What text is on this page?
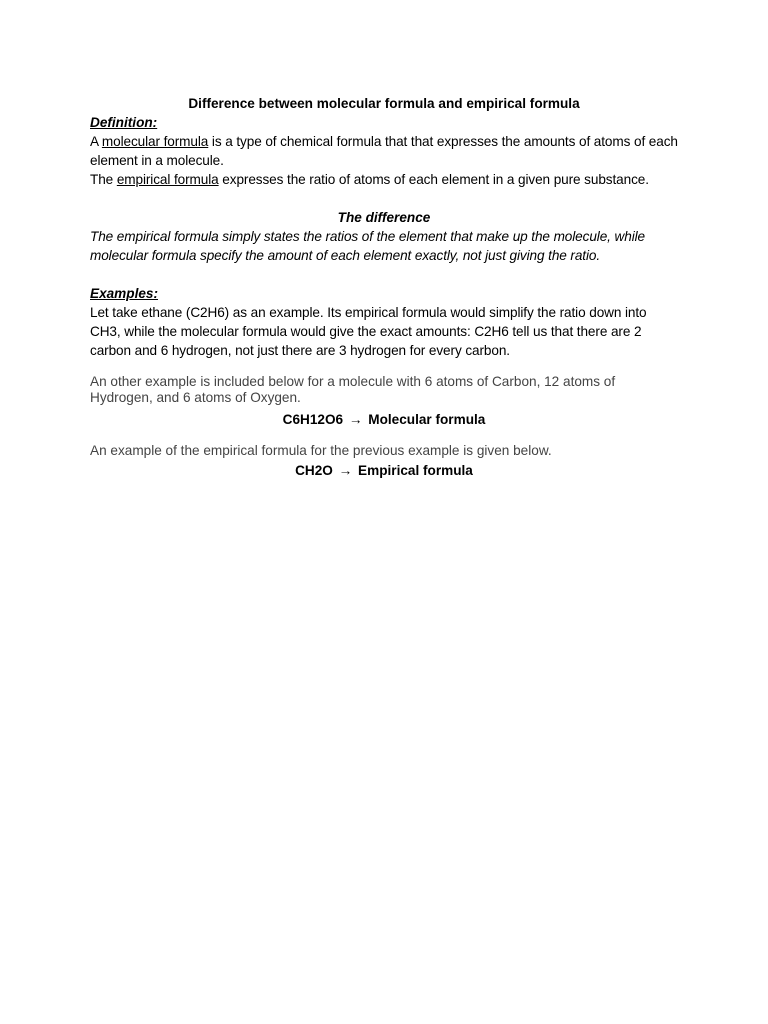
Difference between molecular formula and empirical formula

Definition:

A molecular formula is a type of chemical formula that that expresses the amounts of atoms of each element in a molecule.

The empirical formula expresses the ratio of atoms of each element in a given pure substance.

The difference

The empirical formula simply states the ratios of the element that make up the molecule, while molecular formula specify the amount of each element exactly, not just giving the ratio.

Examples:

Let take ethane (C2H6) as an example. Its empirical formula would simplify the ratio down into CH3, while the molecular formula would give the exact amounts: C2H6 tell us that there are 2 carbon and 6 hydrogen, not just there are 3 hydrogen for every carbon.

An other example is included below for a molecule with 6 atoms of Carbon, 12 atoms of Hydrogen, and 6 atoms of Oxygen.

C6H12O6 → Molecular formula

An example of the empirical formula for the previous example is given below.

CH2O → Empirical formula
